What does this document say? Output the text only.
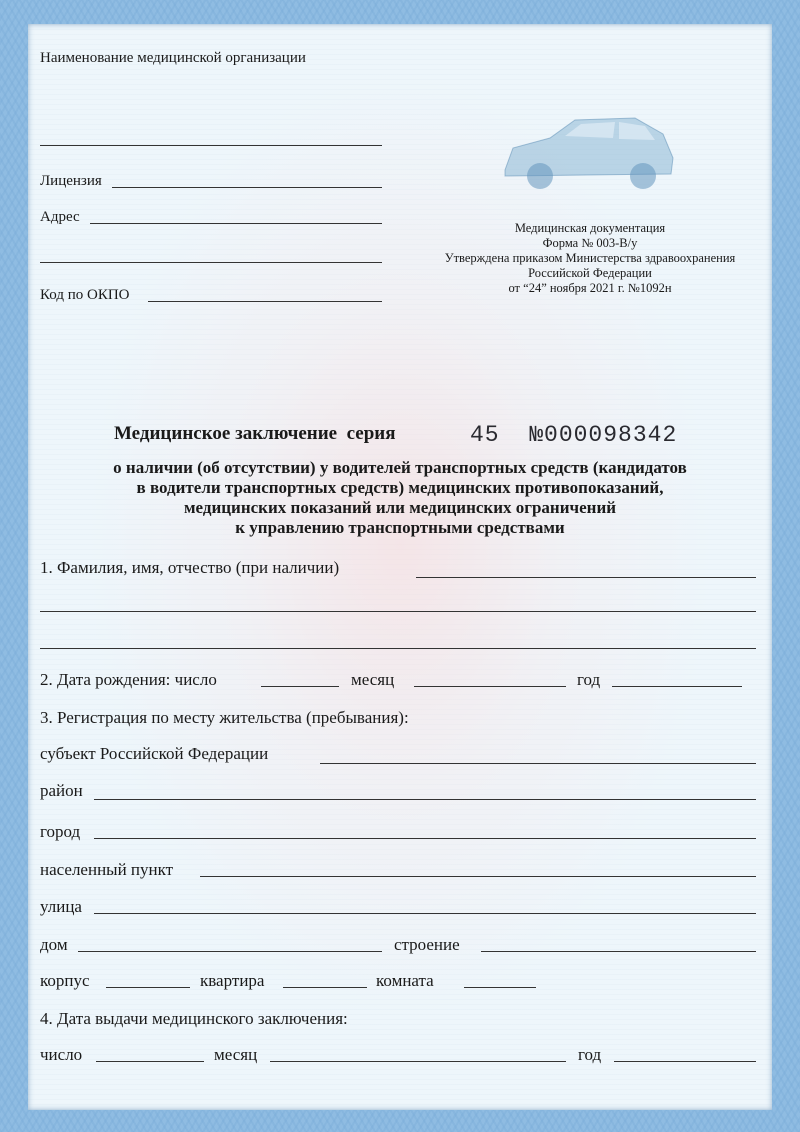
Наименование медицинской организации
Лицензия
Адрес
Код по ОКПО
Медицинская документация
Форма № 003-В/у
Утверждена приказом Министерства здравоохранения
Российской Федерации
от “24” ноября 2021 г. №1092н
Медицинское заключение серия	45 №000098342
о наличии (об отсутствии) у водителей транспортных средств (кандидатов
в водители транспортных средств) медицинских противопоказаний,
медицинских показаний или медицинских ограничений
к управлению транспортными средствами
1. Фамилия, имя, отчество (при наличии)
2. Дата рождения: число	месяц	год
3. Регистрация по месту жительства (пребывания):
субъект Российской Федерации
район
город
населенный пункт
улица
дом	строение
корпус	квартира	комната
4. Дата выдачи медицинского заключения:
число	месяц	год
